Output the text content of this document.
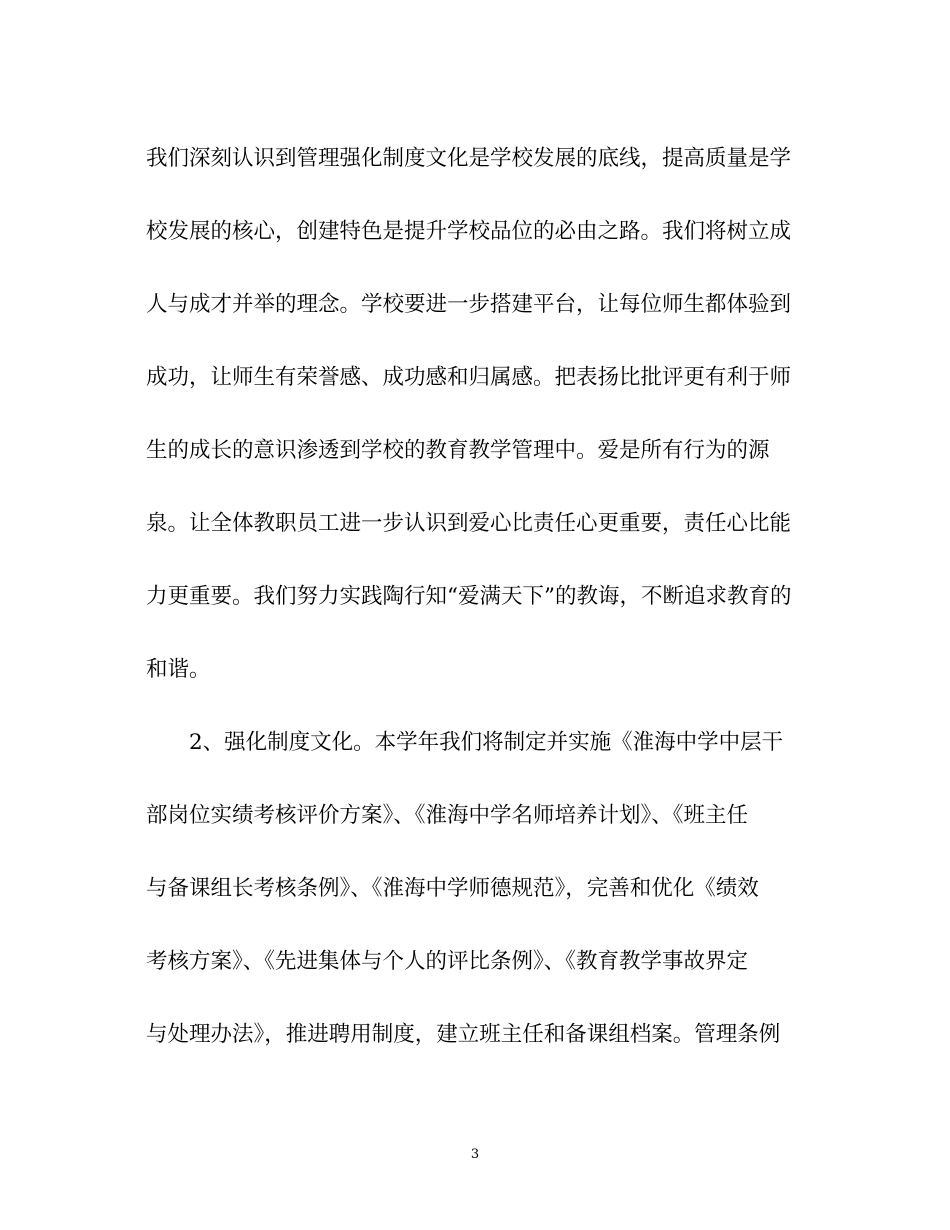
我们深刻认识到管理强化制度文化是学校发展的底线，提高质量是学
校发展的核心，创建特色是提升学校品位的必由之路。我们将树立成
人与成才并举的理念。学校要进一步搭建平台，让每位师生都体验到
成功，让师生有荣誉感、成功感和归属感。把表扬比批评更有利于师
生的成长的意识渗透到学校的教育教学管理中。爱是所有行为的源
泉。让全体教职员工进一步认识到爱心比责任心更重要，责任心比能
力更重要。我们努力实践陶行知“爱满天下”的教诲，不断追求教育的
和谐。
2、强化制度文化。本学年我们将制定并实施《淮海中学中层干
部岗位实绩考核评价方案》、《淮海中学名师培养计划》、《班主任
与备课组长考核条例》、《淮海中学师德规范》，完善和优化《绩效
考核方案》、《先进集体与个人的评比条例》、《教育教学事故界定
与处理办法》，推进聘用制度，建立班主任和备课组档案。管理条例
3
